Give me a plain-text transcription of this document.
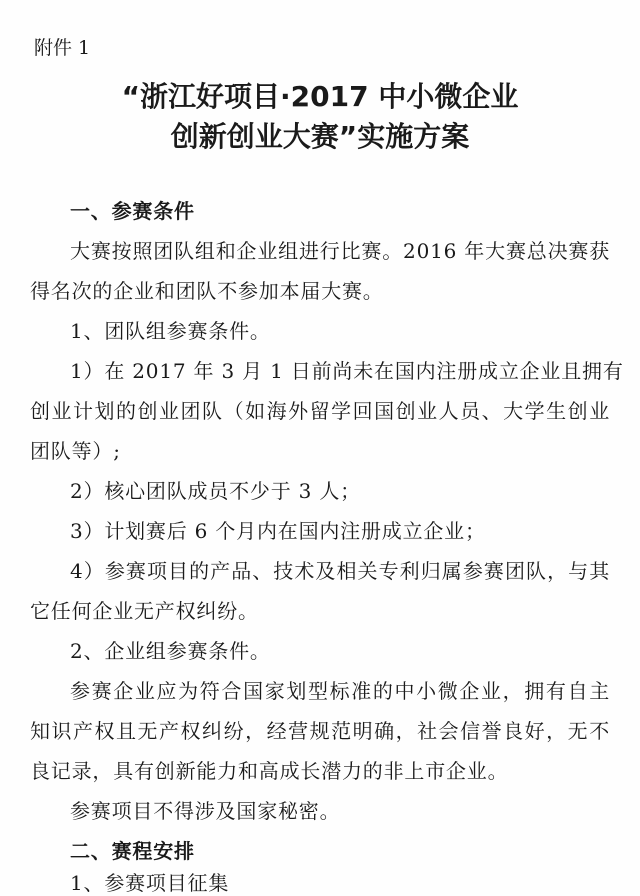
附件 1
“浙江好项目·2017 中小微企业
创新创业大赛”实施方案
一、参赛条件
大赛按照团队组和企业组进行比赛。2016 年大赛总决赛获
得名次的企业和团队不参加本届大赛。
1、团队组参赛条件。
1）在 2017 年 3 月 1 日前尚未在国内注册成立企业且拥有
创业计划的创业团队（如海外留学回国创业人员、大学生创业
团队等）;
2）核心团队成员不少于 3 人；
3）计划赛后 6 个月内在国内注册成立企业；
4）参赛项目的产品、技术及相关专利归属参赛团队，与其
它任何企业无产权纠纷。
2、企业组参赛条件。
参赛企业应为符合国家划型标准的中小微企业，拥有自主
知识产权且无产权纠纷，经营规范明确，社会信誉良好，无不
良记录，具有创新能力和高成长潜力的非上市企业。
参赛项目不得涉及国家秘密。
二、赛程安排
1、参赛项目征集
